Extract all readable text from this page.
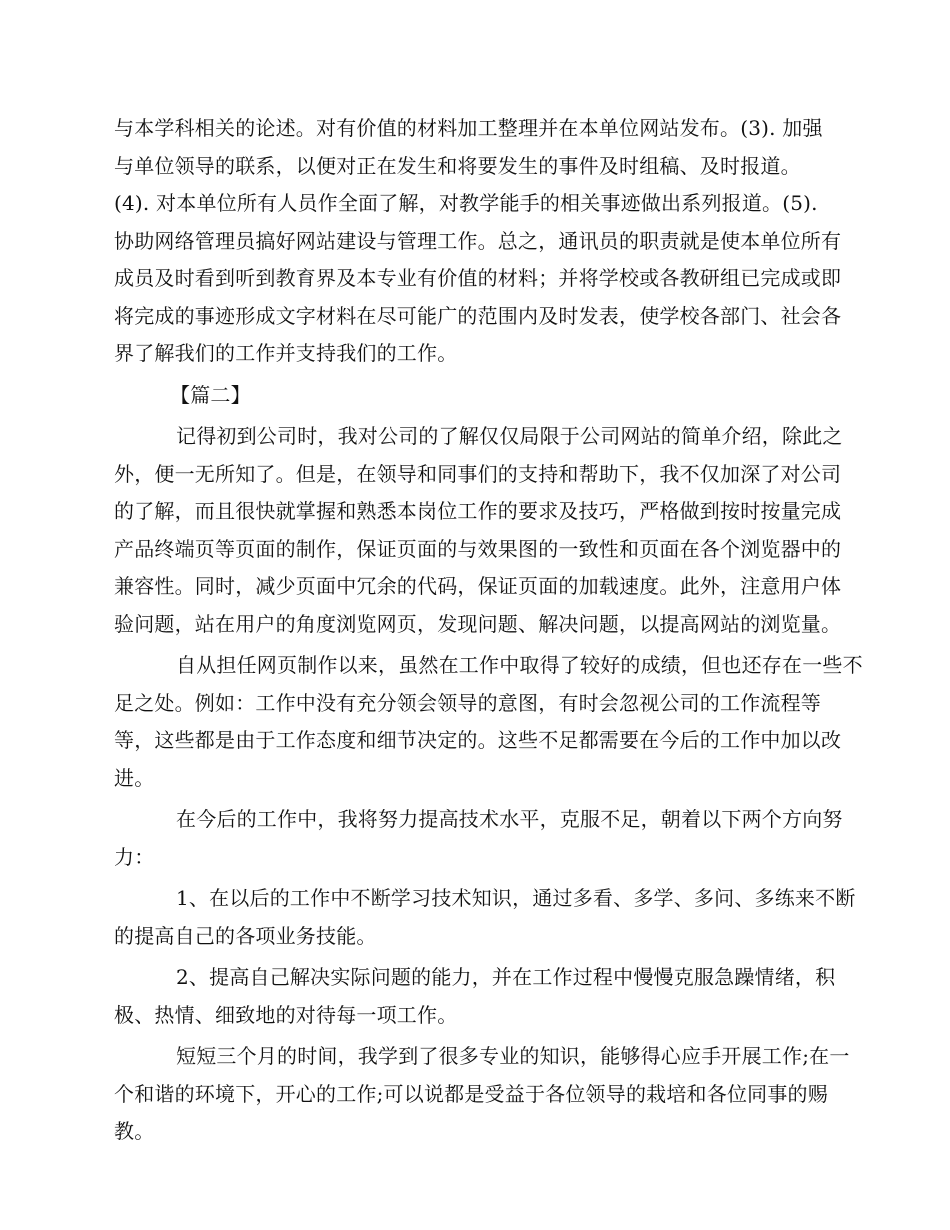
与本学科相关的论述。对有价值的材料加工整理并在本单位网站发布。(3). 加强
与单位领导的联系，以便对正在发生和将要发生的事件及时组稿、及时报道。
(4). 对本单位所有人员作全面了解，对教学能手的相关事迹做出系列报道。(5).
协助网络管理员搞好网站建设与管理工作。总之，通讯员的职责就是使本单位所有
成员及时看到听到教育界及本专业有价值的材料；并将学校或各教研组已完成或即
将完成的事迹形成文字材料在尽可能广的范围内及时发表，使学校各部门、社会各
界了解我们的工作并支持我们的工作。
【篇二】
记得初到公司时，我对公司的了解仅仅局限于公司网站的简单介绍，除此之
外，便一无所知了。但是，在领导和同事们的支持和帮助下，我不仅加深了对公司
的了解，而且很快就掌握和熟悉本岗位工作的要求及技巧，严格做到按时按量完成
产品终端页等页面的制作，保证页面的与效果图的一致性和页面在各个浏览器中的
兼容性。同时，减少页面中冗余的代码，保证页面的加载速度。此外，注意用户体
验问题，站在用户的角度浏览网页，发现问题、解决问题，以提高网站的浏览量。
自从担任网页制作以来，虽然在工作中取得了较好的成绩，但也还存在一些不
足之处。例如：工作中没有充分领会领导的意图，有时会忽视公司的工作流程等
等，这些都是由于工作态度和细节决定的。这些不足都需要在今后的工作中加以改
进。
在今后的工作中，我将努力提高技术水平，克服不足，朝着以下两个方向努
力：
1、在以后的工作中不断学习技术知识，通过多看、多学、多问、多练来不断
的提高自己的各项业务技能。
2、提高自己解决实际问题的能力，并在工作过程中慢慢克服急躁情绪，积
极、热情、细致地的对待每一项工作。
短短三个月的时间，我学到了很多专业的知识，能够得心应手开展工作;在一
个和谐的环境下，开心的工作;可以说都是受益于各位领导的栽培和各位同事的赐
教。
